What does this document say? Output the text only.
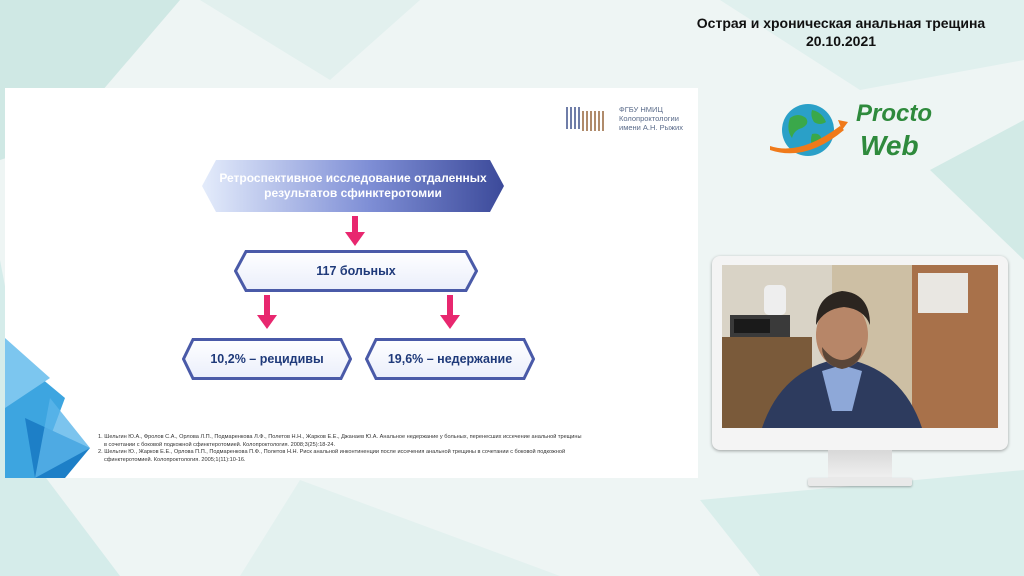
Острая и хроническая анальная трещина
20.10.2021
ФГБУ НМИЦ
Колопроктологии
имени А.Н. Рыжих
Ретроспективное исследование отдаленных результатов сфинктеротомии
117 больных
10,2% – рецидивы	19,6% – недержание
1. Шельгин Ю.А., Фролов С.А., Орлова Л.П., Подмаренкова Л.Ф., Полетов Н.Н., Жарков Е.Е., Джанаев Ю.А. Анальное недержание у больных, перенесших иссечение анальной трещины
в сочетании с боковой подкожной сфинктеротомией. Колопроктология. 2008;3(25):18-24.
2. Шельгин Ю., Жарков Е.Е., Орлова П.П., Подмаренкова П.Ф., Полетов Н.Н. Риск анальной инконтиненции после иссечения анальной трещины в сочетании с боковой подкожной
сфинктеротомией. Колопроктология. 2005;1(11):10-16.
Procto
Web
